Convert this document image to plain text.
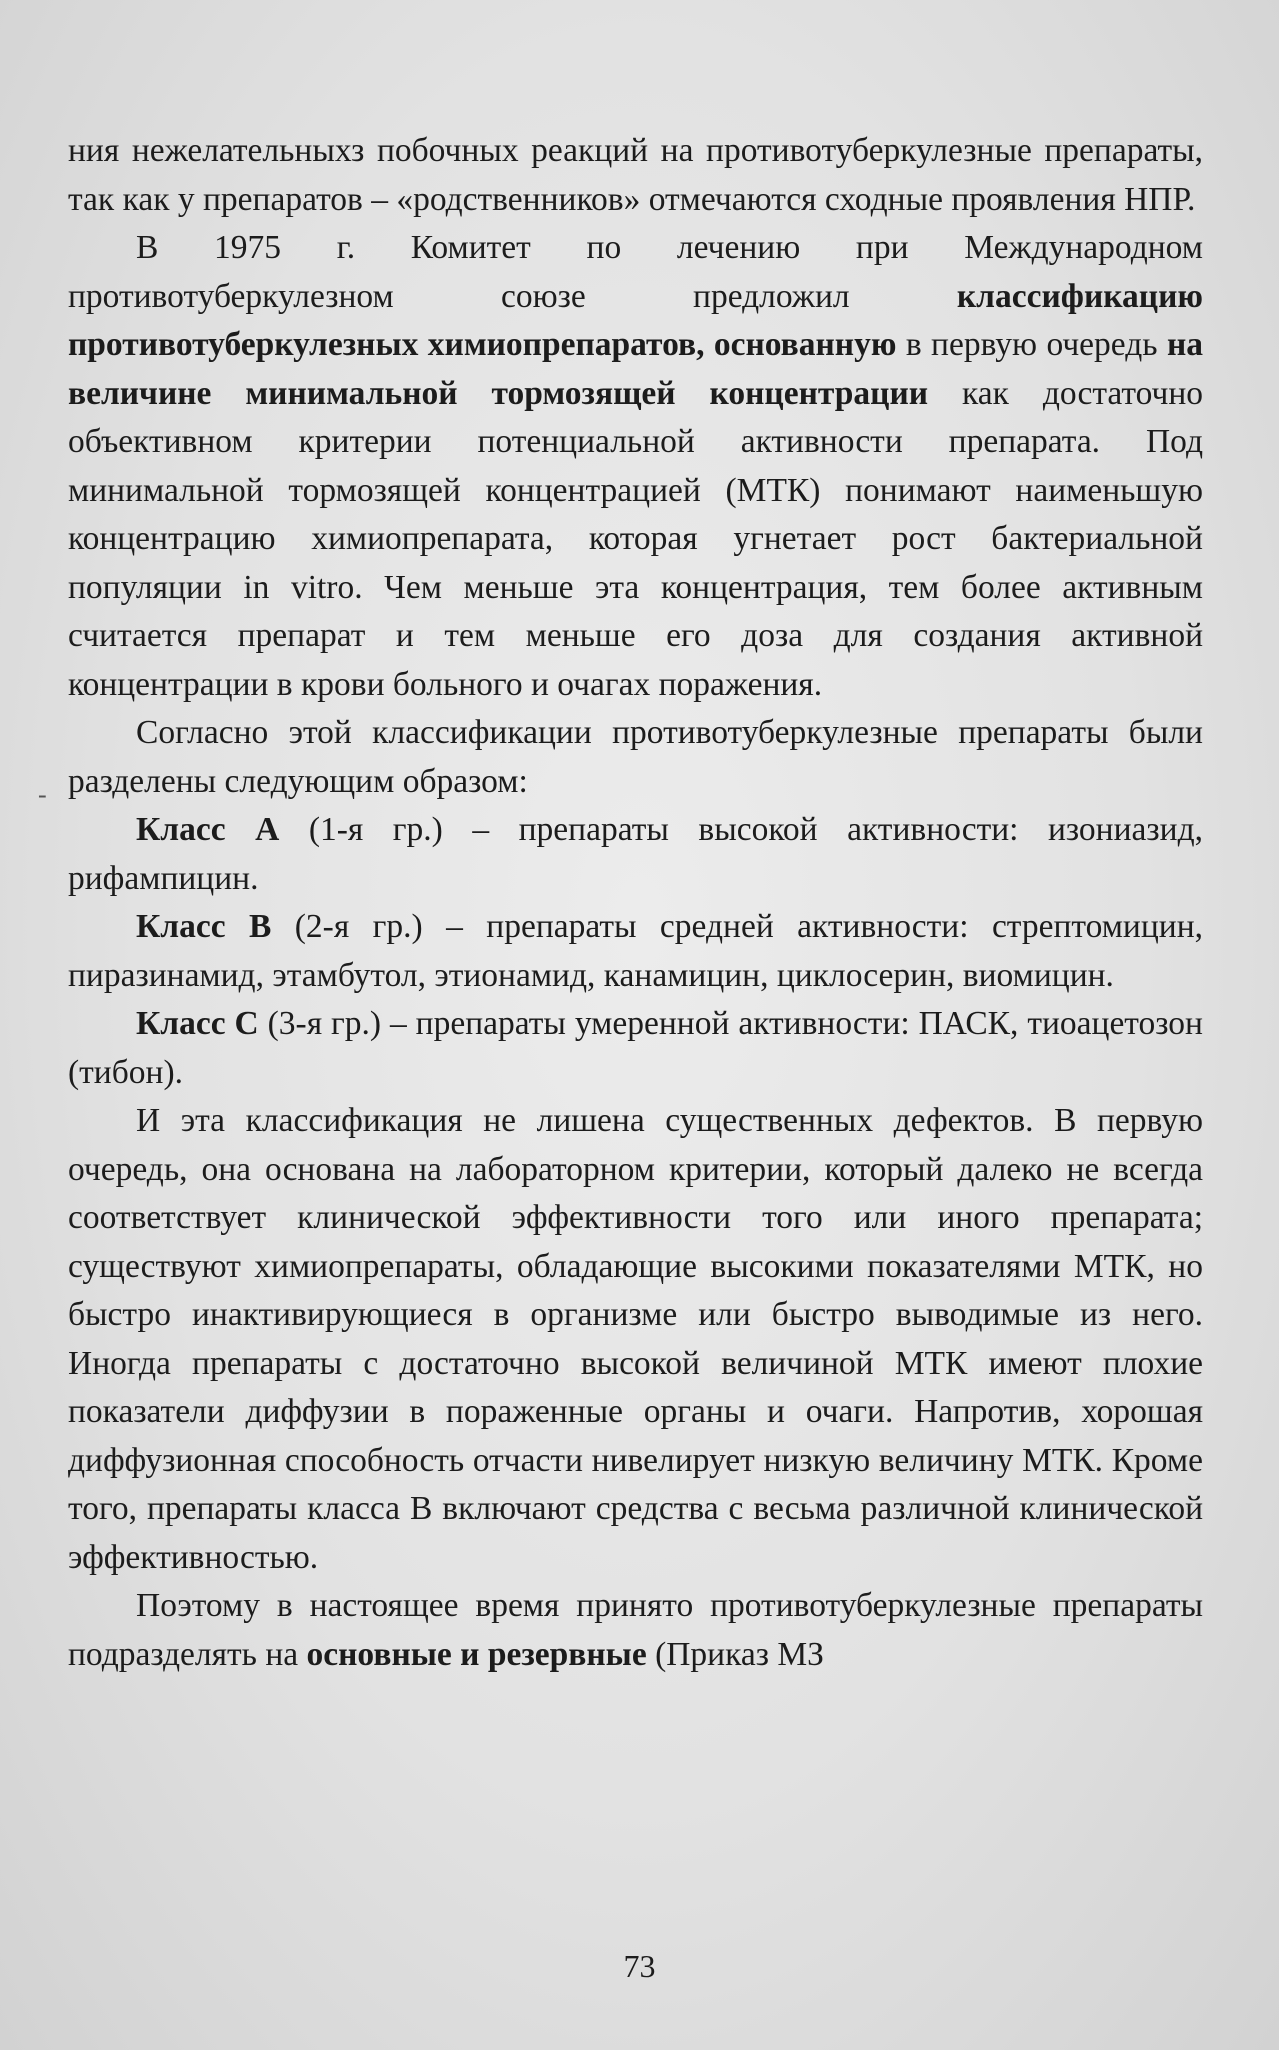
-

ния нежелательныхз побочных реакций на противотуберкулезные препараты, так как у препаратов – «родственников» отмечаются сходные проявления НПР.

В 1975 г. Комитет по лечению при Международном противотуберкулезном союзе предложил классификацию противотуберкулезных химиопрепаратов, основанную в первую очередь на величине минимальной тормозящей концентрации как достаточно объективном критерии потенциальной активности препарата. Под минимальной тормозящей концентрацией (МТК) понимают наименьшую концентрацию химиопрепарата, которая угнетает рост бактериальной популяции in vitro. Чем меньше эта концентрация, тем более активным считается препарат и тем меньше его доза для создания активной концентрации в крови больного и очагах поражения.

Согласно этой классификации противотуберкулезные препараты были разделены следующим образом:

Класс А (1-я гр.) – препараты высокой активности: изониазид, рифампицин.

Класс В (2-я гр.) – препараты средней активности: стрептомицин, пиразинамид, этамбутол, этионамид, канамицин, циклосерин, виомицин.

Класс С (3-я гр.) – препараты умеренной активности: ПАСК, тиоацетозон (тибон).

И эта классификация не лишена существенных дефектов. В первую очередь, она основана на лабораторном критерии, который далеко не всегда соответствует клинической эффективности того или иного препарата; существуют химиопрепараты, обладающие высокими показателями МТК, но быстро инактивирующиеся в организме или быстро выводимые из него. Иногда препараты с достаточно высокой величиной МТК имеют плохие показатели диффузии в пораженные органы и очаги. Напротив, хорошая диффузионная способность отчасти нивелирует низкую величину МТК. Кроме того, препараты класса В включают средства с весьма различной клинической эффективностью.

Поэтому в настоящее время принято противотуберкулезные препараты подразделять на основные и резервные (Приказ МЗ

73
